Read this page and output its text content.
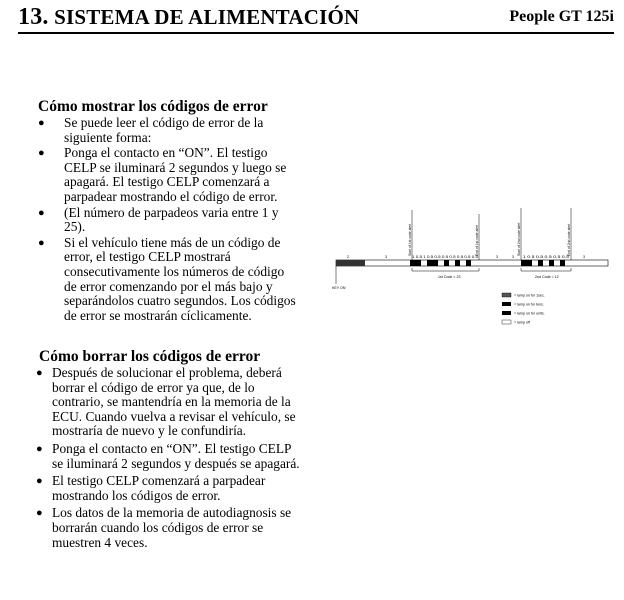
13. SISTEMA DE ALIMENTACIÓN	People GT 125i
Cómo mostrar los códigos de error
● Se puede leer el código de error de la siguiente forma:
● Ponga el contacto en “ON”. El testigo CELP se iluminará 2 segundos y luego se apagará. El testigo CELP comenzará a parpadear mostrando el código de error.
● (El número de parpadeos varia entre 1 y 25).
● Si el vehículo tiene más de un código de error, el testigo CELP mostrará consecutivamente los números de código de error comenzando por el más bajo y separándolos cuatro segundos. Los códigos de error se mostrarán cíclicamente.
Cómo borrar los códigos de error
● Después de solucionar el problema, deberá borrar el código de error ya que, de lo contrario, se mantendría en la memoria de la ECU. Cuando vuelva a revisar el vehículo, se mostraría de nuevo y le confundiría.
● Ponga el contacto en “ON”. El testigo CELP se iluminará 2 segundos y después se apagará.
● El testigo CELP comenzará a parpadear mostrando los códigos de error.
● Los datos de la memoria de autodiagnosis se borrarán cuando los códigos de error se muestren 4 veces.
Start of 1st code alert	End of 1st code alert	Start of 2nd code alert	End of 2nd code alert
2	3	1 0.5 1 0.5 0.5 0.5 0.5 0.5 0.5 0.5	3	3	1 0.5 0.5 0.5 0.5 0.5	3
KEY ON
1st Code = 23	2nd Code = 12
= lamp on for 1sec.
= lamp on for tens.
= lamp on for units.
= lamp off
